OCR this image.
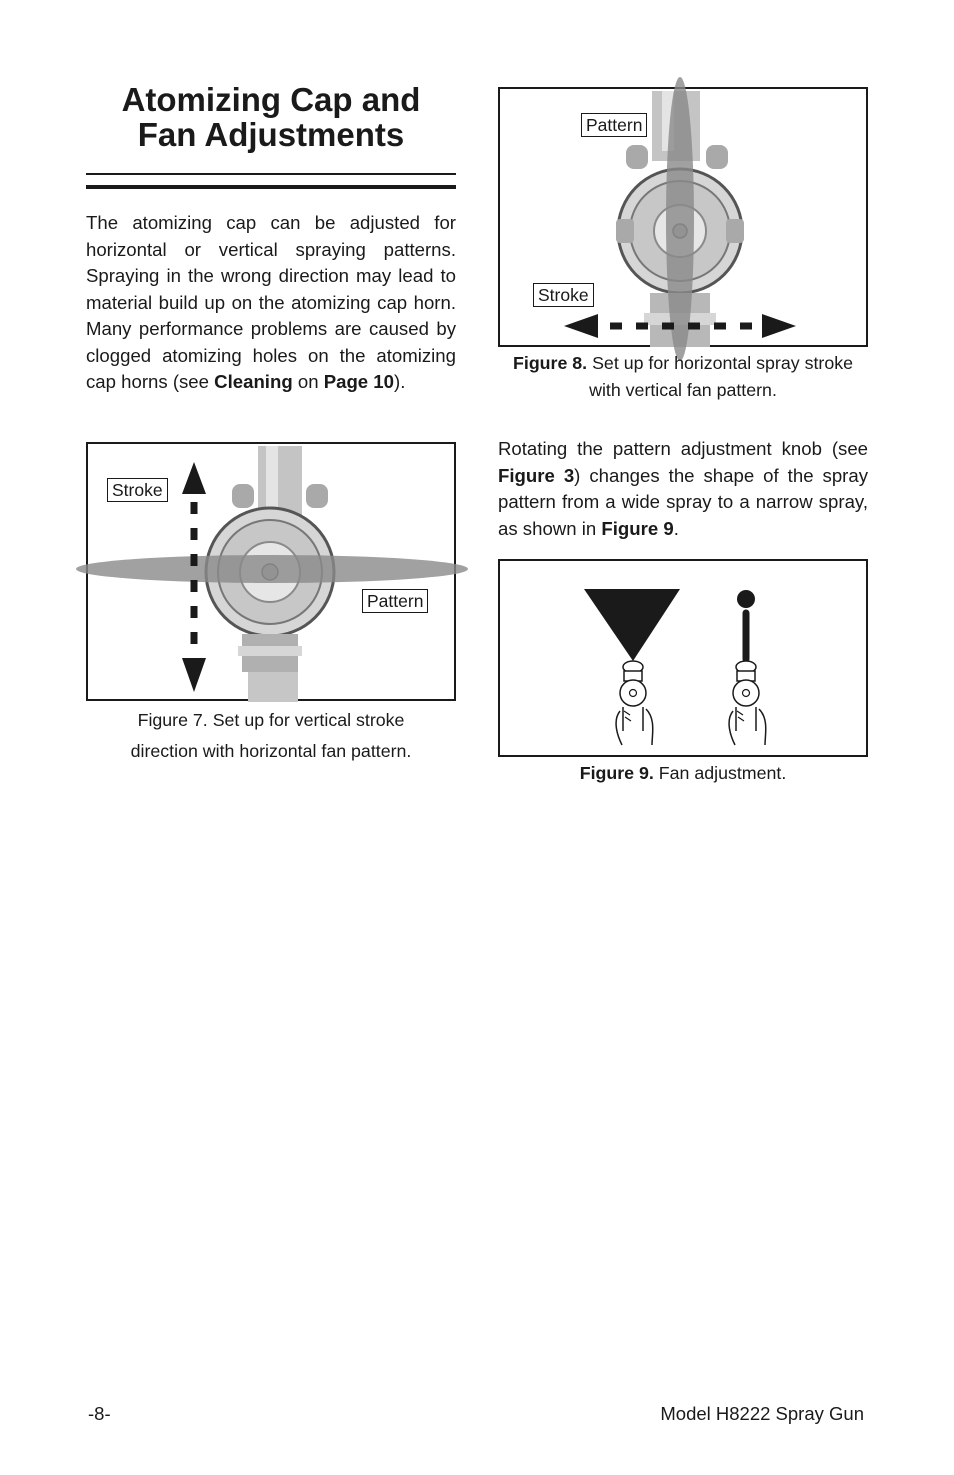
Atomizing Cap and
Fan Adjustments

The atomizing cap can be adjusted for horizontal or vertical spraying patterns. Spraying in the wrong direction may lead to material build up on the atomizing cap horn. Many performance problems are caused by clogged atomizing holes on the atomizing cap horns (see Cleaning on Page 10).

Stroke
Pattern
Figure 7. Set up for vertical stroke
direction with horizontal fan pattern.
Pattern
Stroke
Figure 8. Set up for horizontal spray stroke
with vertical fan pattern.

Rotating the pattern adjustment knob (see Figure 3) changes the shape of the spray pattern from a wide spray to a narrow spray, as shown in Figure 9.

Figure 9. Fan adjustment.
-8-	Model H8222 Spray Gun
